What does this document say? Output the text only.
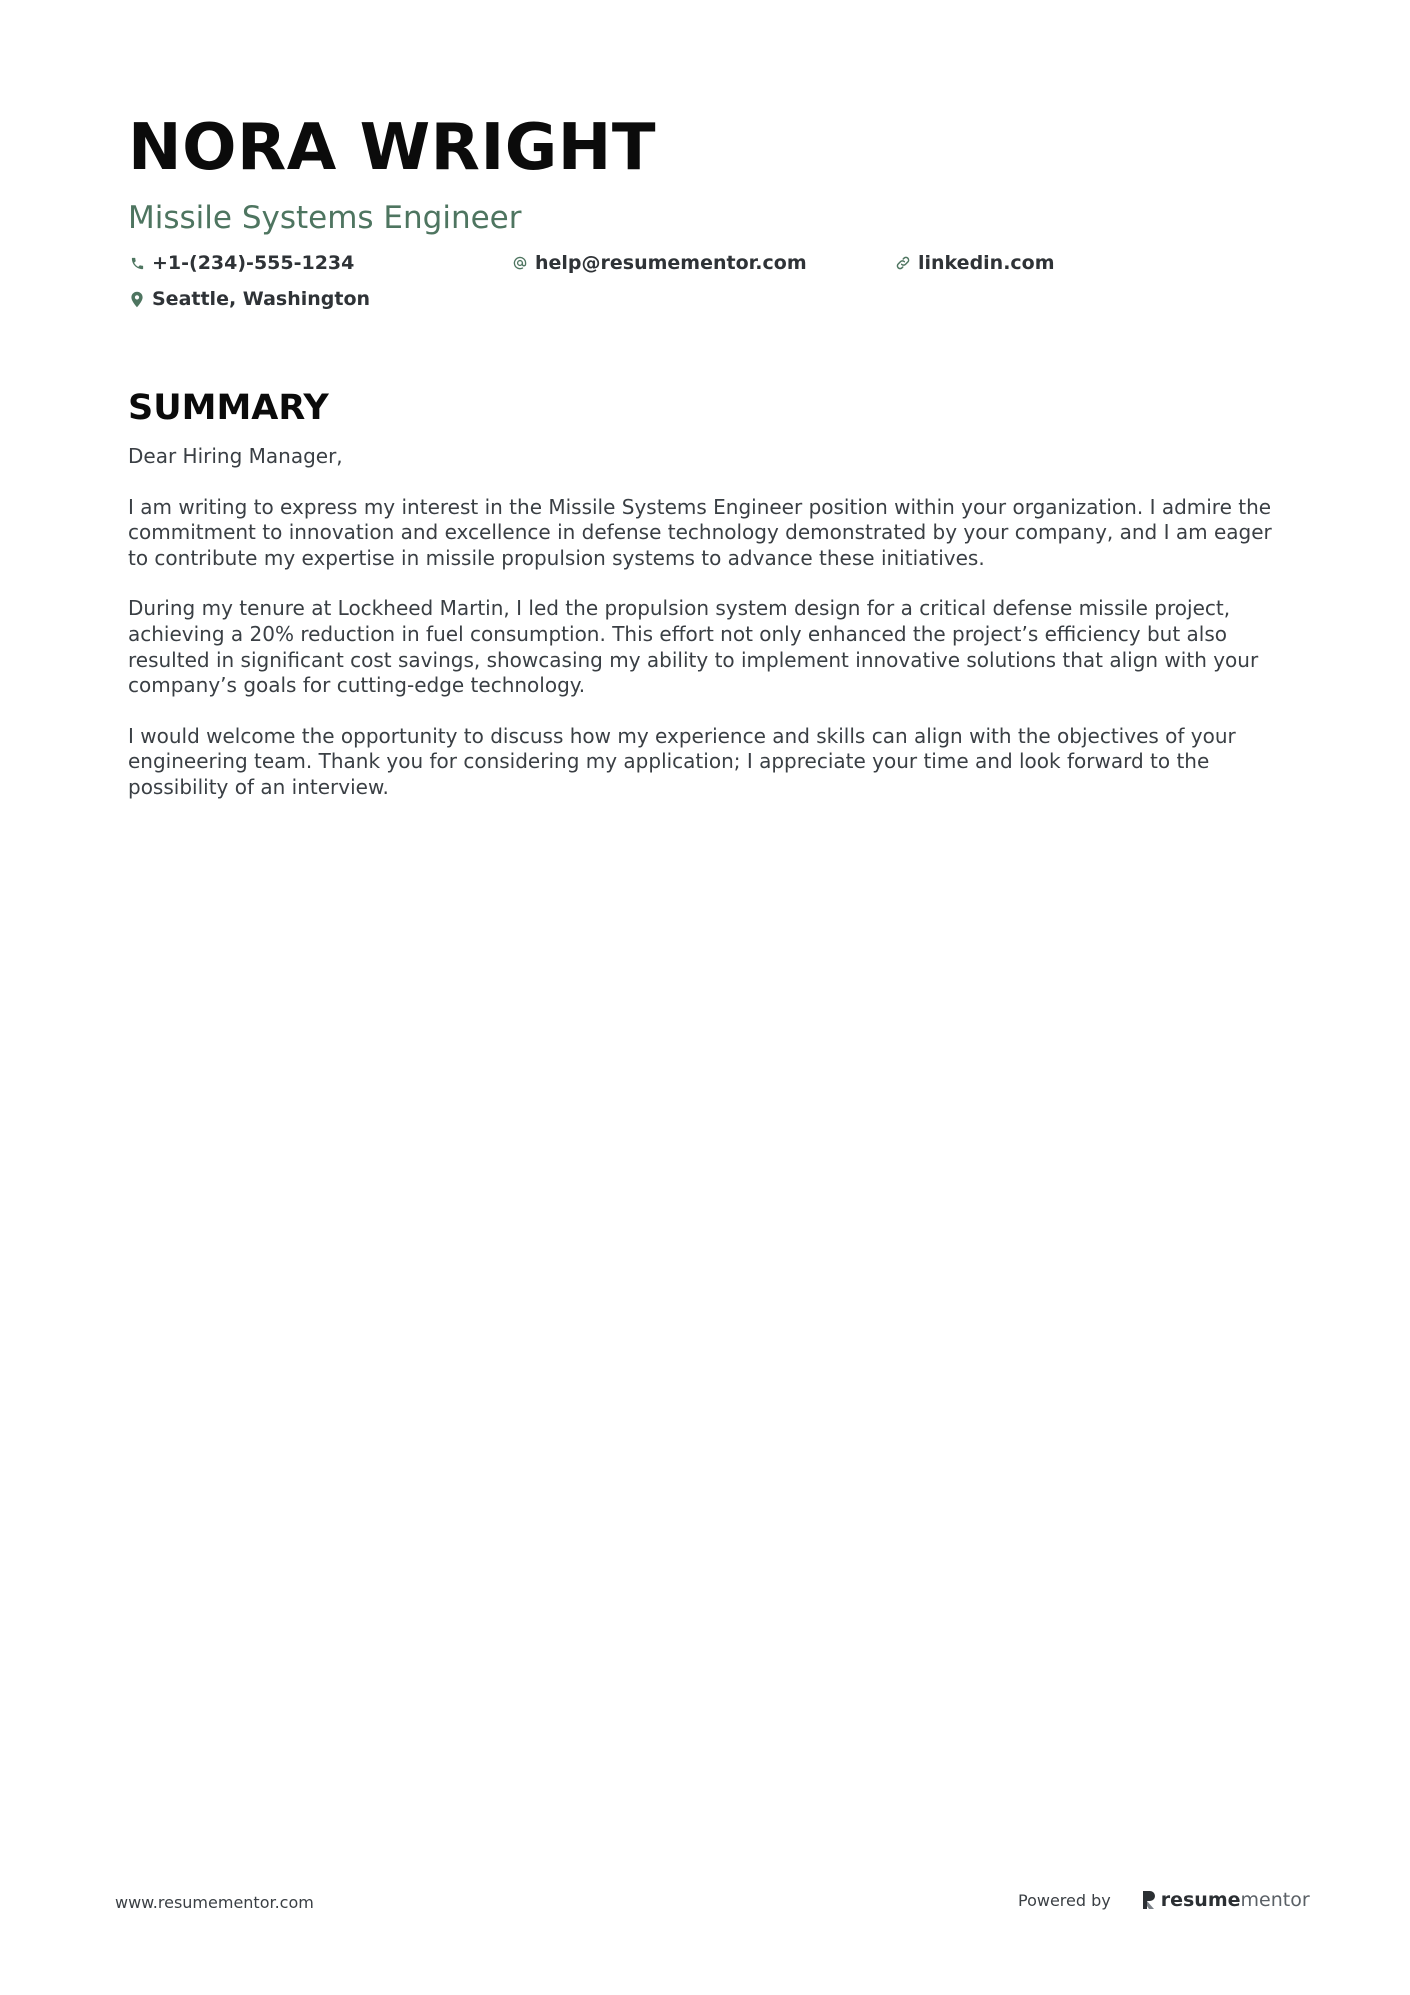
NORA WRIGHT
Missile Systems Engineer
+1-(234)-555-1234	help@resumementor.com	linkedin.com
Seattle, Washington
SUMMARY

Dear Hiring Manager,

I am writing to express my interest in the Missile Systems Engineer position within your organization. I admire the commitment to innovation and excellence in defense technology demonstrated by your company, and I am eager to contribute my expertise in missile propulsion systems to advance these initiatives.

During my tenure at Lockheed Martin, I led the propulsion system design for a critical defense missile project, achieving a 20% reduction in fuel consumption. This effort not only enhanced the project’s efficiency but also resulted in significant cost savings, showcasing my ability to implement innovative solutions that align with your company’s goals for cutting-edge technology.

I would welcome the opportunity to discuss how my experience and skills can align with the objectives of your engineering team. Thank you for considering my application; I appreciate your time and look forward to the possibility of an interview.

www.resumementor.com	Powered by	resume mentor
